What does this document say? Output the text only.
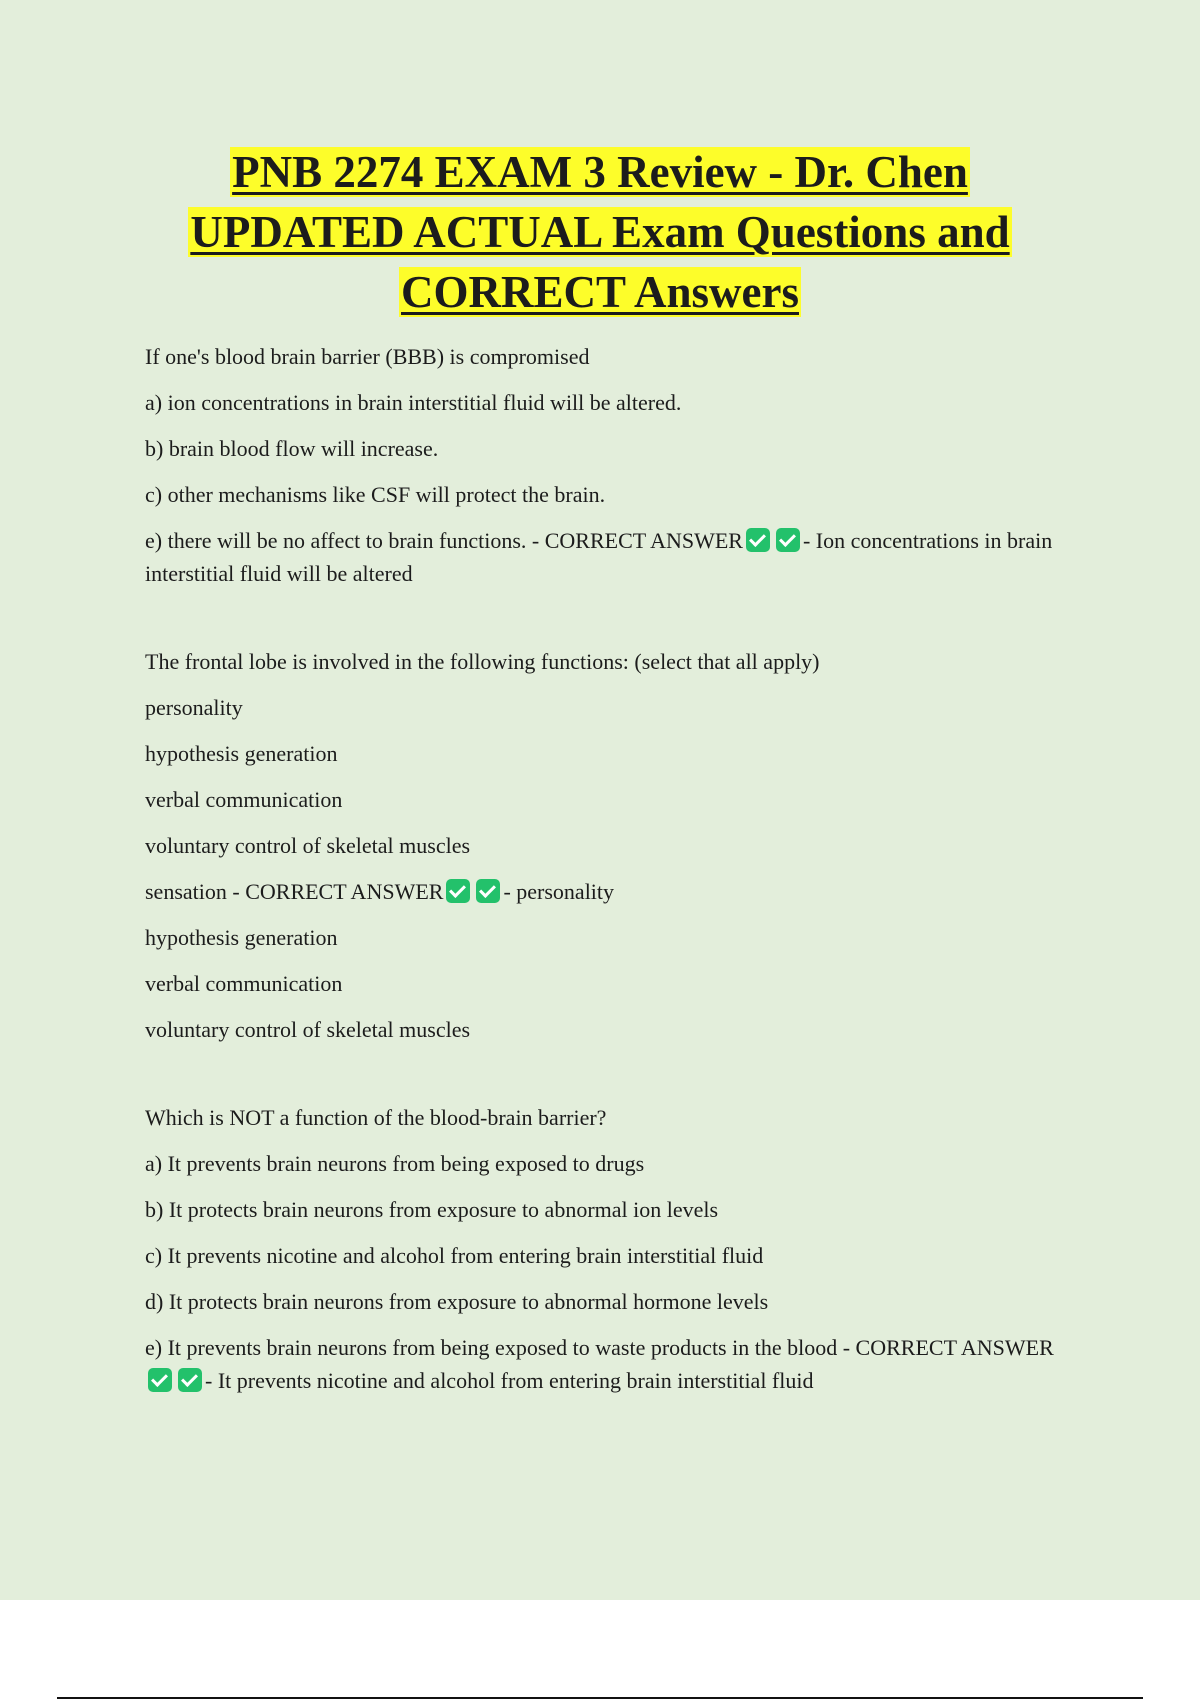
PNB 2274 EXAM 3 Review - Dr. Chen
UPDATED ACTUAL Exam Questions and
CORRECT Answers

If one's blood brain barrier (BBB) is compromised

a) ion concentrations in brain interstitial fluid will be altered.

b) brain blood flow will increase.

c) other mechanisms like CSF will protect the brain.

e) there will be no affect to brain functions. - CORRECT ANSWER	- Ion concentrations in brain interstitial fluid will be altered

The frontal lobe is involved in the following functions: (select that all apply)

personality

hypothesis generation

verbal communication

voluntary control of skeletal muscles

sensation - CORRECT ANSWER	- personality

hypothesis generation

verbal communication

voluntary control of skeletal muscles

Which is NOT a function of the blood-brain barrier?

a) It prevents brain neurons from being exposed to drugs

b) It protects brain neurons from exposure to abnormal ion levels

c) It prevents nicotine and alcohol from entering brain interstitial fluid

d) It protects brain neurons from exposure to abnormal hormone levels

e) It prevents brain neurons from being exposed to waste products in the blood - CORRECT ANSWER- It prevents nicotine and alcohol from entering brain interstitial fluid
